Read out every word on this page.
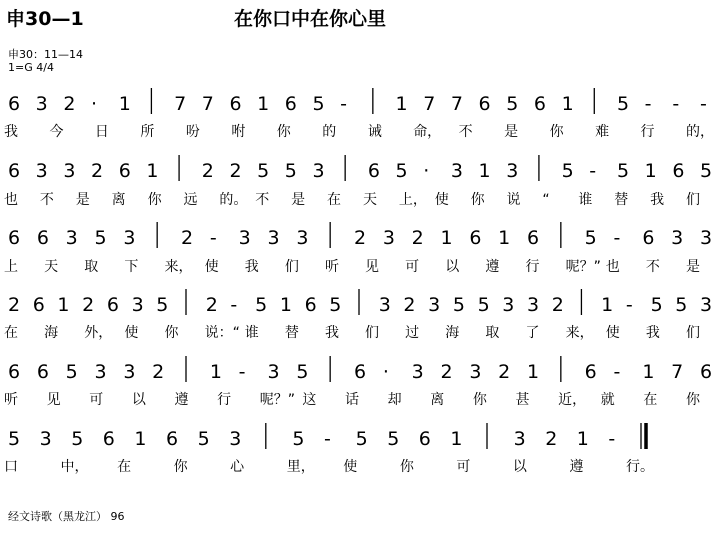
申30—1	在你口中在你心里
申30：11—14
1=G 4/4
6 3 2 · 1 7 7 6 1 6 5 -	1 7 7 6 5 6 1 5 - - -
我 今 日 所 吩 咐 你 的 诫 命， 不 是 你 难 行 的，
6 3 3 2 6 1 2 2 5 5 3 6 5 · 3 1 3 5 - 5 1 6 5
也 不 是 离 你 远 的。 不 是 在 天 上， 使 你 说 “ 谁 替 我 们
6 6 3 5 3 2 - 3 3 3 2 3 2 1 6 1 6 5 - 6 3 3
上 天 取 下 来， 使 我 们 听 见 可 以 遵 行 呢？” 也 不 是
2 6 1 2 6 3 5 2 - 5 1 6 5 3 2 3 5 5 3 3 2 1 - 5 5 3
在 海 外， 使 你 说：“ 谁 替 我 们 过 海 取 了 来， 使 我 们
6 6 5 3 3 2 1 - 3 5 6 · 3 2 3 2 1 6 - 1 7 6
听 见 可 以 遵 行 呢？” 这 话 却 离 你 甚 近， 就 在 你
5 3 5 6 1 6 5 3	5 - 5 5 6 1	3 2 1 -
口	中， 在	你	心	里， 使	你	可	以	遵	行。
经文诗歌（黑龙江） 96
